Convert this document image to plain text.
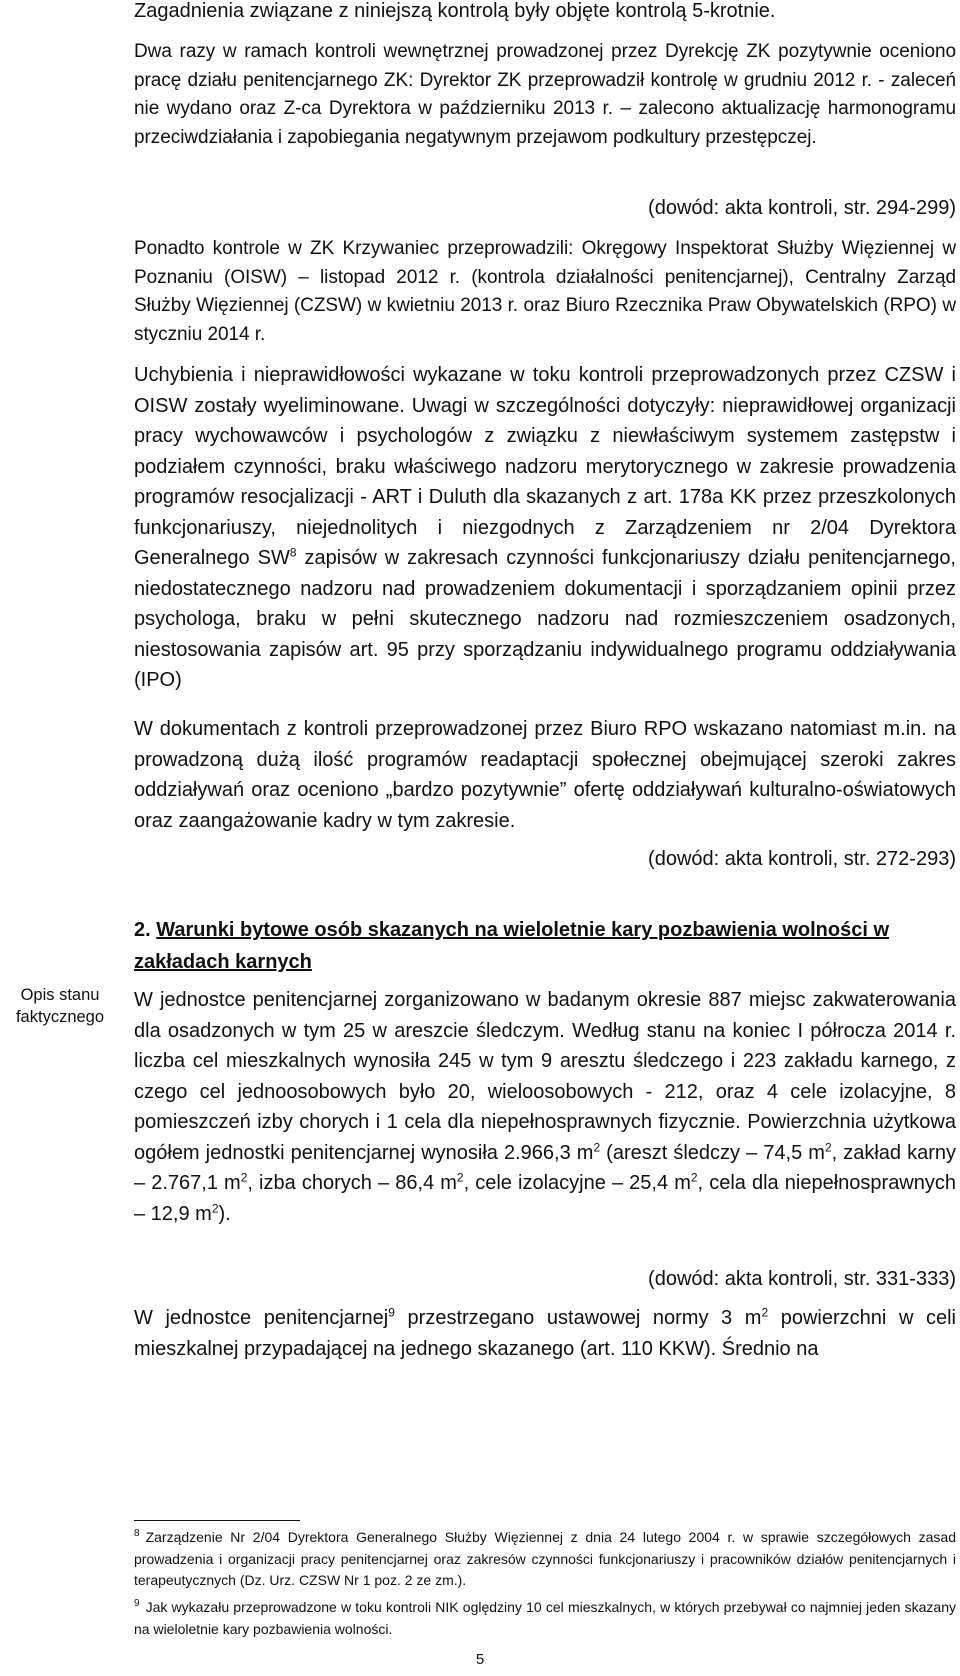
Zagadnienia związane z niniejszą kontrolą były objęte kontrolą 5-krotnie.

Dwa razy w ramach kontroli wewnętrznej prowadzonej przez Dyrekcję ZK pozytywnie oceniono pracę działu penitencjarnego ZK: Dyrektor ZK przeprowadził kontrolę w grudniu 2012 r. - zaleceń nie wydano oraz Z-ca Dyrektora w październiku 2013 r. – zalecono aktualizację harmonogramu przeciwdziałania i zapobiegania negatywnym przejawom podkultury przestępczej.

(dowód: akta kontroli, str. 294-299)

Ponadto kontrole w ZK Krzywaniec przeprowadzili: Okręgowy Inspektorat Służby Więziennej w Poznaniu (OISW) – listopad 2012 r. (kontrola działalności penitencjarnej), Centralny Zarząd Służby Więziennej (CZSW) w kwietniu 2013 r. oraz Biuro Rzecznika Praw Obywatelskich (RPO) w styczniu 2014 r.

Uchybienia i nieprawidłowości wykazane w toku kontroli przeprowadzonych przez CZSW i OISW zostały wyeliminowane. Uwagi w szczególności dotyczyły: nieprawidłowej organizacji pracy wychowawców i psychologów z związku z niewłaściwym systemem zastępstw i podziałem czynności, braku właściwego nadzoru merytorycznego w zakresie prowadzenia programów resocjalizacji - ART i Duluth dla skazanych z art. 178a KK przez przeszkolonych funkcjonariuszy, niejednolitych i niezgodnych z Zarządzeniem nr 2/04 Dyrektora Generalnego $SW^8$ zapisów w zakresach czynności funkcjonariuszy działu penitencjarnego, niedostatecznego nadzoru nad prowadzeniem dokumentacji i sporządzaniem opinii przez psychologa, braku w pełni skutecznego nadzoru nad rozmieszczeniem osadzonych, niestosowania zapisów art. 95 przy sporządzaniu indywidualnego programu oddziaływania (IPO)

W dokumentach z kontroli przeprowadzonej przez Biuro RPO wskazano natomiast m.in. na prowadzoną dużą ilość programów readaptacji społecznej obejmującej szeroki zakres oddziaływań oraz oceniono „bardzo pozytywnie” ofertę oddziaływań kulturalno-oświatowych oraz zaangażowanie kadry w tym zakresie.

(dowód: akta kontroli, str. 272-293)

2. Warunki bytowe osób skazanych na wieloletnie kary pozbawienia wolności w zakładach karnych

Opis stanu
faktycznego

W jednostce penitencjarnej zorganizowano w badanym okresie 887 miejsc zakwaterowania dla osadzonych w tym 25 w areszcie śledczym. Według stanu na koniec I półrocza 2014 r. liczba cel mieszkalnych wynosiła 245 w tym 9 aresztu śledczego i 223 zakładu karnego, z czego cel jednoosobowych było 20, wieloosobowych - 212, oraz 4 cele izolacyjne, 8 pomieszczeń izby chorych i 1 cela dla niepełnosprawnych fizycznie. Powierzchnia użytkowa ogółem jednostki penitencjarnej wynosiła 2.966,3 $m^2$ (areszt śledczy – 74,5 $m^2$, zakład karny – 2.767,1 $m^2$, izba chorych – 86,4 $m^2$, cele izolacyjne – 25,4 $m^2$, cela dla niepełnosprawnych – 12,9 $m^2$).

(dowód: akta kontroli, str. 331-333)

W jednostce penitencjarnej$^9$ przestrzegano ustawowej normy 3 $m^2$ powierzchni w celi mieszkalnej przypadającej na jednego skazanego (art. 110 KKW). Średnio na

$^8$ Zarządzenie Nr 2/04 Dyrektora Generalnego Służby Więziennej z dnia 24 lutego 2004 r. w sprawie szczegółowych zasad prowadzenia i organizacji pracy penitencjarnej oraz zakresów czynności funkcjonariuszy i pracowników działów penitencjarnych i terapeutycznych (Dz. Urz. CZSW Nr 1 poz. 2 ze zm.).
$^9$ Jak wykazału przeprowadzone w toku kontroli NIK oględziny 10 cel mieszkalnych, w których przebywał co najmniej jeden skazany na wieloletnie kary pozbawienia wolności.
5
